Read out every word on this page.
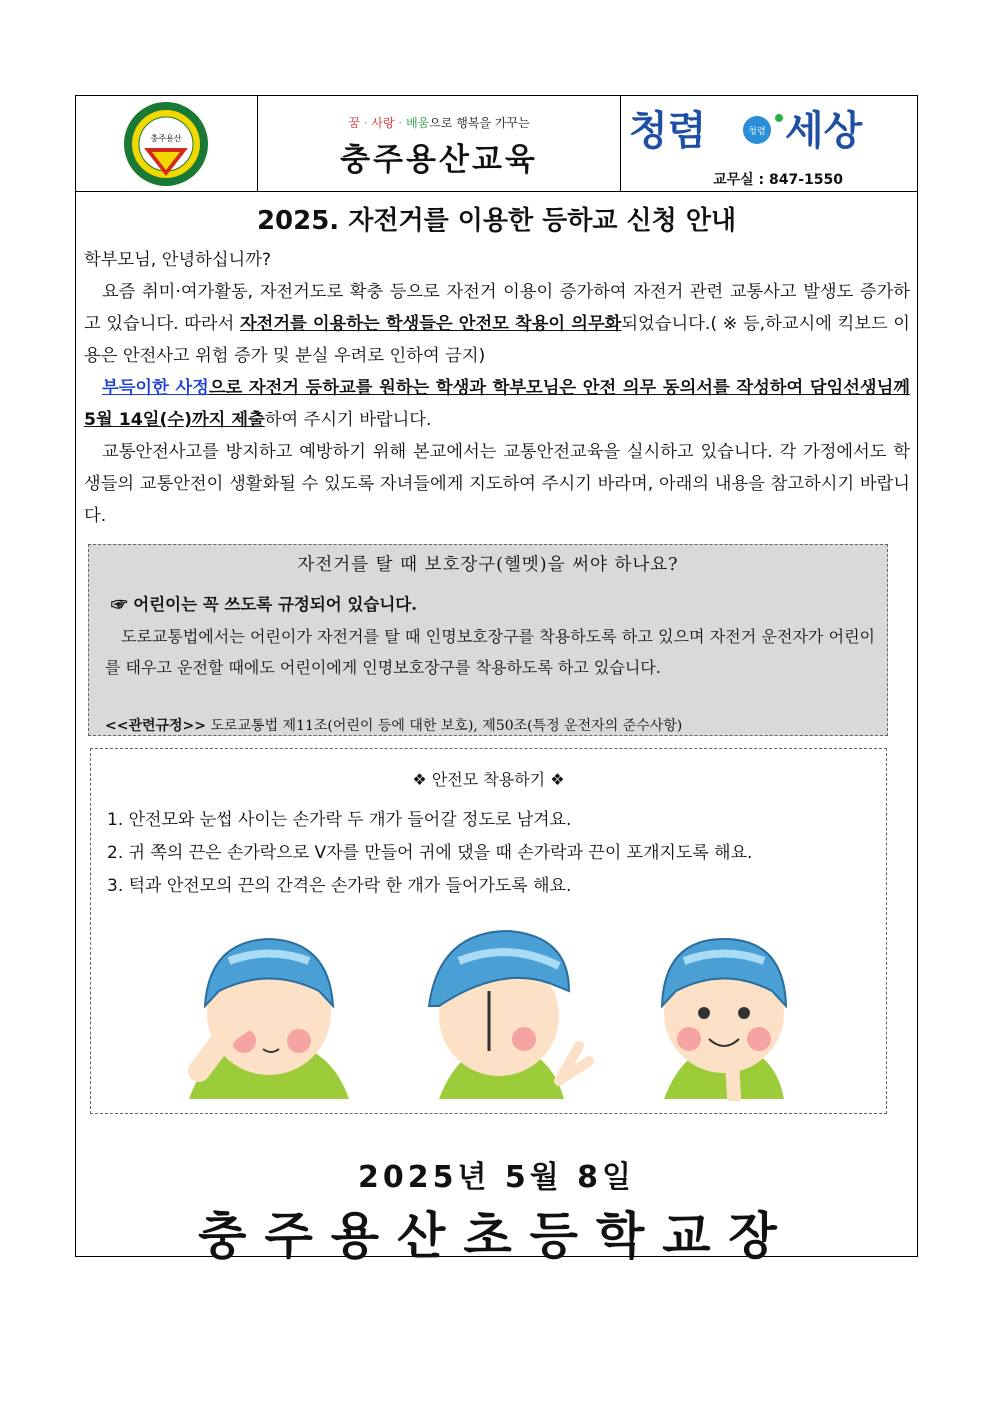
충주용산
꿈 · 사랑 · 배움으로 행복을 가꾸는
충주용산교육
청렴	청렴 세상
교무실 : 847-1550
2025. 자전거를 이용한 등하교 신청 안내

학부모님, 안녕하십니까?

요즘 취미·여가활동, 자전거도로 확충 등으로 자전거 이용이 증가하여 자전거 관련 교통사고 발생도 증가하고 있습니다. 따라서 자전거를 이용하는 학생들은 안전모 착용이 의무화되었습니다.( ※ 등,하교시에 킥보드 이용은 안전사고 위험 증가 및 분실 우려로 인하여 금지)

부득이한 사정으로 자전거 등하교를 원하는 학생과 학부모님은 안전 의무 동의서를 작성하여 담임선생님께 5월 14일(수)까지 제출하여 주시기 바랍니다.

교통안전사고를 방지하고 예방하기 위해 본교에서는 교통안전교육을 실시하고 있습니다. 각 가정에서도 학생들의 교통안전이 생활화될 수 있도록 자녀들에게 지도하여 주시기 바라며, 아래의 내용을 참고하시기 바랍니다.

자전거를 탈 때 보호장구(헬멧)을 써야 하나요?
☞ 어린이는 꼭 쓰도록 규정되어 있습니다.
도로교통법에서는 어린이가 자전거를 탈 때 인명보호장구를 착용하도록 하고 있으며 자전거 운전자가 어린이를 태우고 운전할 때에도 어린이에게 인명보호장구를 착용하도록 하고 있습니다.
<<관련규정>> 도로교통법 제11조(어린이 등에 대한 보호), 제50조(특정 운전자의 준수사항)
❖ 안전모 착용하기 ❖
1. 안전모와 눈썹 사이는 손가락 두 개가 들어갈 정도로 남겨요.
2. 귀 쪽의 끈은 손가락으로 V자를 만들어 귀에 댔을 때 손가락과 끈이 포개지도록 해요.
3. 턱과 안전모의 끈의 간격은 손가락 한 개가 들어가도록 해요.
2025년 5월 8일
충주용산초등학교장
